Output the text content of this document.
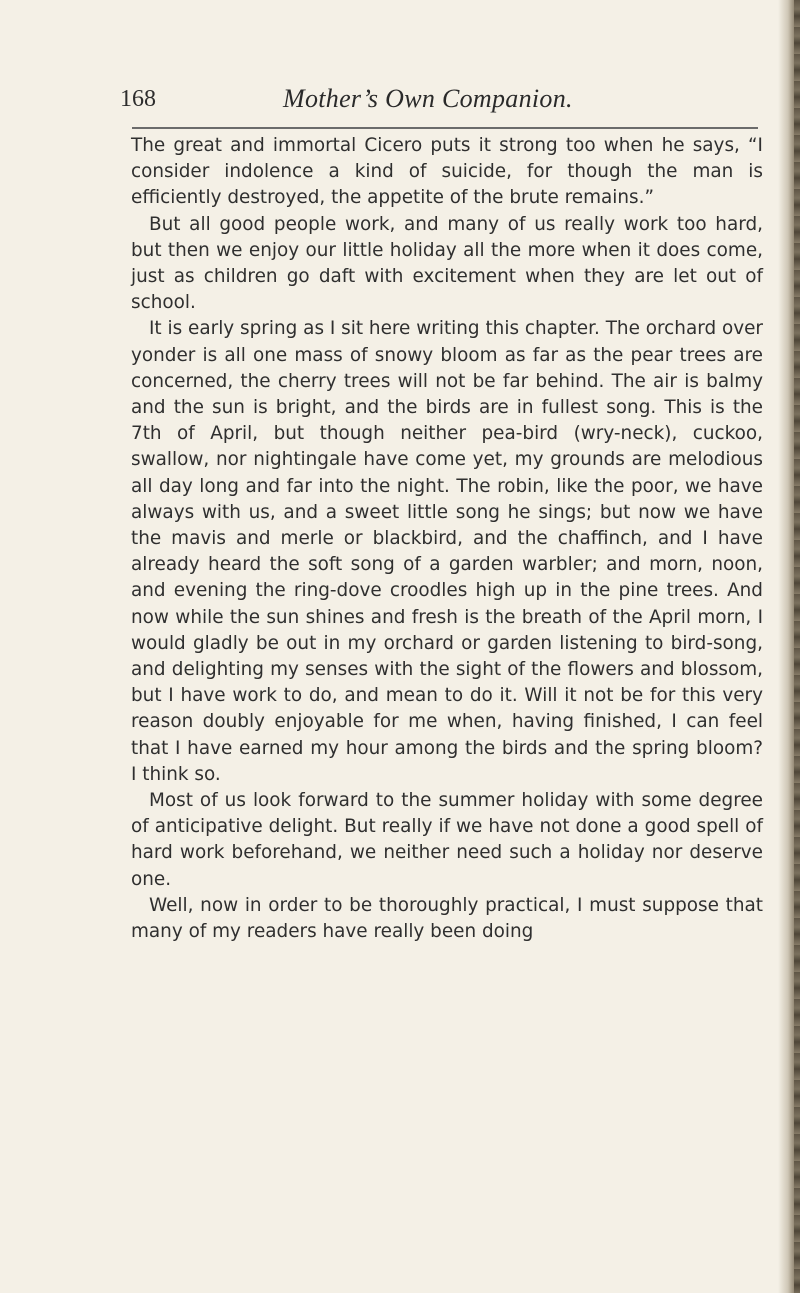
168	Mother’s Own Companion.

The great and immortal Cicero puts it strong too when he says, “I consider indolence a kind of suicide, for though the man is efficiently destroyed, the appetite of the brute remains.”

But all good people work, and many of us really work too hard, but then we enjoy our little holiday all the more when it does come, just as children go daft with excitement when they are let out of school.

It is early spring as I sit here writing this chapter. The orchard over yonder is all one mass of snowy bloom as far as the pear trees are concerned, the cherry trees will not be far behind. The air is balmy and the sun is bright, and the birds are in fullest song. This is the 7th of April, but though neither pea-bird (wry-neck), cuckoo, swallow, nor nightingale have come yet, my grounds are melodious all day long and far into the night. The robin, like the poor, we have always with us, and a sweet little song he sings; but now we have the mavis and merle or blackbird, and the chaffinch, and I have already heard the soft song of a garden warbler; and morn, noon, and evening the ring-dove croodles high up in the pine trees. And now while the sun shines and fresh is the breath of the April morn, I would gladly be out in my orchard or garden listening to bird-song, and delighting my senses with the sight of the flowers and blossom, but I have work to do, and mean to do it. Will it not be for this very reason doubly enjoyable for me when, having finished, I can feel that I have earned my hour among the birds and the spring bloom? I think so.

Most of us look forward to the summer holiday with some degree of anticipative delight. But really if we have not done a good spell of hard work beforehand, we neither need such a holiday nor deserve one.

Well, now in order to be thoroughly practical, I must suppose that many of my readers have really been doing
